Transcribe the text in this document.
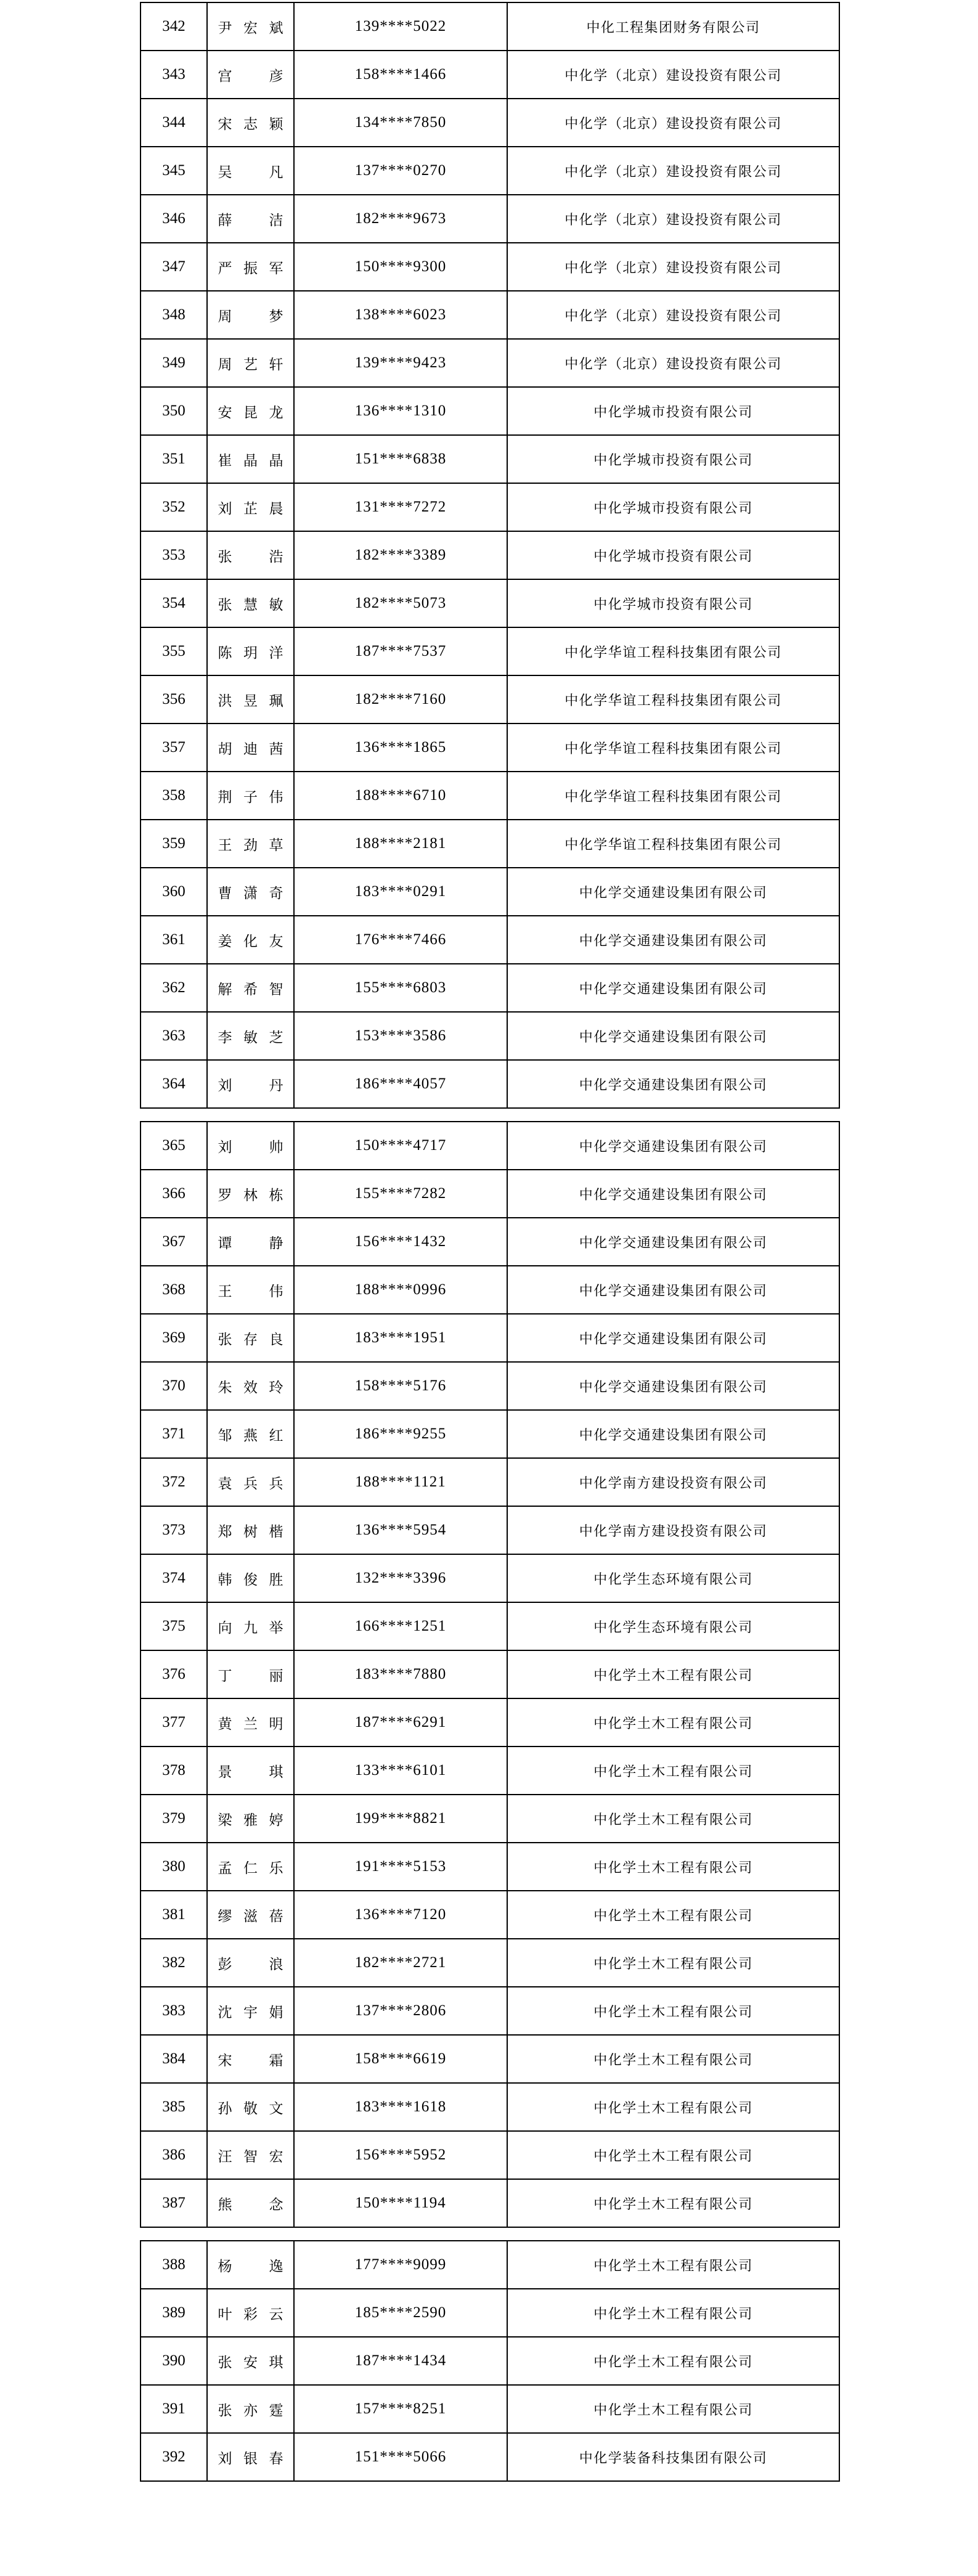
342	尹 宏 斌	139****5022	中化工程集团财务有限公司
343	宫 彦	158****1466	中化学（北京）建设投资有限公司
344	宋 志 颖	134****7850	中化学（北京）建设投资有限公司
345	吴 凡	137****0270	中化学（北京）建设投资有限公司
346	薛 洁	182****9673	中化学（北京）建设投资有限公司
347	严 振 军	150****9300	中化学（北京）建设投资有限公司
348	周 梦	138****6023	中化学（北京）建设投资有限公司
349	周 艺 轩	139****9423	中化学（北京）建设投资有限公司
350	安 昆 龙	136****1310	中化学城市投资有限公司
351	崔 晶 晶	151****6838	中化学城市投资有限公司
352	刘 芷 晨	131****7272	中化学城市投资有限公司
353	张 浩	182****3389	中化学城市投资有限公司
354	张 慧 敏	182****5073	中化学城市投资有限公司
355	陈 玥 洋	187****7537	中化学华谊工程科技集团有限公司
356	洪 昱 珮	182****7160	中化学华谊工程科技集团有限公司
357	胡 迪 茜	136****1865	中化学华谊工程科技集团有限公司
358	荆 子 伟	188****6710	中化学华谊工程科技集团有限公司
359	王 劲 草	188****2181	中化学华谊工程科技集团有限公司
360	曹 潇 奇	183****0291	中化学交通建设集团有限公司
361	姜 化 友	176****7466	中化学交通建设集团有限公司
362	解 希 智	155****6803	中化学交通建设集团有限公司
363	李 敏 芝	153****3586	中化学交通建设集团有限公司
364	刘 丹	186****4057	中化学交通建设集团有限公司
365	刘 帅	150****4717	中化学交通建设集团有限公司
366	罗 林 栋	155****7282	中化学交通建设集团有限公司
367	谭 静	156****1432	中化学交通建设集团有限公司
368	王 伟	188****0996	中化学交通建设集团有限公司
369	张 存 良	183****1951	中化学交通建设集团有限公司
370	朱 效 玲	158****5176	中化学交通建设集团有限公司
371	邹 燕 红	186****9255	中化学交通建设集团有限公司
372	袁 兵 兵	188****1121	中化学南方建设投资有限公司
373	郑 树 楷	136****5954	中化学南方建设投资有限公司
374	韩 俊 胜	132****3396	中化学生态环境有限公司
375	向 九 举	166****1251	中化学生态环境有限公司
376	丁 丽	183****7880	中化学土木工程有限公司
377	黄 兰 明	187****6291	中化学土木工程有限公司
378	景 琪	133****6101	中化学土木工程有限公司
379	梁 雅 婷	199****8821	中化学土木工程有限公司
380	孟 仁 乐	191****5153	中化学土木工程有限公司
381	缪 滋 蓓	136****7120	中化学土木工程有限公司
382	彭 浪	182****2721	中化学土木工程有限公司
383	沈 宇 娟	137****2806	中化学土木工程有限公司
384	宋 霜	158****6619	中化学土木工程有限公司
385	孙 敬 文	183****1618	中化学土木工程有限公司
386	汪 智 宏	156****5952	中化学土木工程有限公司
387	熊 念	150****1194	中化学土木工程有限公司
388	杨 逸	177****9099	中化学土木工程有限公司
389	叶 彩 云	185****2590	中化学土木工程有限公司
390	张 安 琪	187****1434	中化学土木工程有限公司
391	张 亦 霆	157****8251	中化学土木工程有限公司
392	刘 银 春	151****5066	中化学装备科技集团有限公司
